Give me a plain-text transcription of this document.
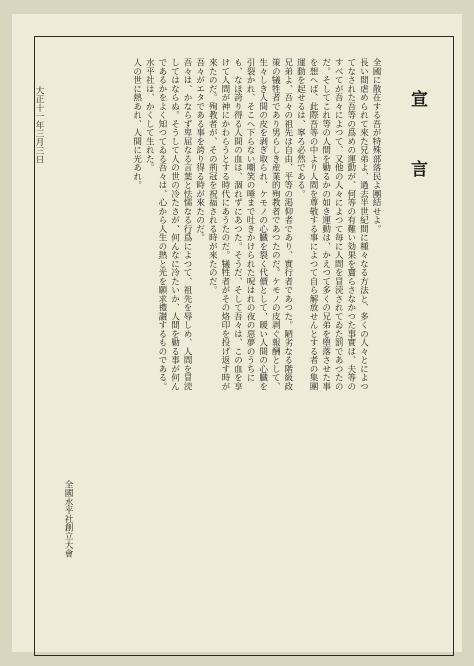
宣　言

全國に散在する吾が特殊部落民よ團結せよ。

長い間虐められて來た兄弟よ、過去半世紀間に種々なる方法と、多くの人々とによつてなされた吾等の爲めの運動が、何等の有難い効果を齎らさなかつた事實は、夫等のすべてが吾々によつて、又他の人々によつて毎に人間を冒涜されてゐた罰であつたのだ。そしてこれ等の人間を勦るかの如き運動は、かえつて多くの兄弟を堕落させた事を想へば、此際吾等の中より人間を尊敬する事によつて自ら解放せんとする者の集團運動を起せるは、寧ろ必然である。

兄弟よ、吾々の祖先は自由、平等の渇仰者であり、實行者であつた。陋劣なる階級政策の犠牲者であり男らしき産業的殉教者であつたのだ。ケモノの皮剥ぐ報酬として、生々しき人間の皮を剥ぎ取られ、ケモノの心臓を裂く代價として、暖い人間の心臓を引裂かれ、そこへ下らない嘲笑の唾まで吐きかけられた呪はれの夜の惡夢のうちにも、なほ誇り得る人間の血は、涸れずにあつた。そうだ、そして吾々は、この血を享けて人間が神にかわらうとする時代にあうたのだ。犠牲者がその烙印を投げ返す時が來たのだ。殉教者が、その荊冠を祝福される時が來たのだ。

吾々がエタである事を誇り得る時が來たのだ。

吾々は、かならず卑屈なる言葉と怯懦なる行爲によつて、祖先を辱しめ、人間を冒涜してはならぬ。そうして人の世の冷たさが、何んなに冷たいか、人間を勦る事が何んであるかをよく知つてゐる吾々は、心から人生の熱と光を願求禮讃するものである。

水平社は、かくして生れた。

人の世に熱あれ、人間に光あれ。

大正十一年三月三日
全國水平社創立大會
